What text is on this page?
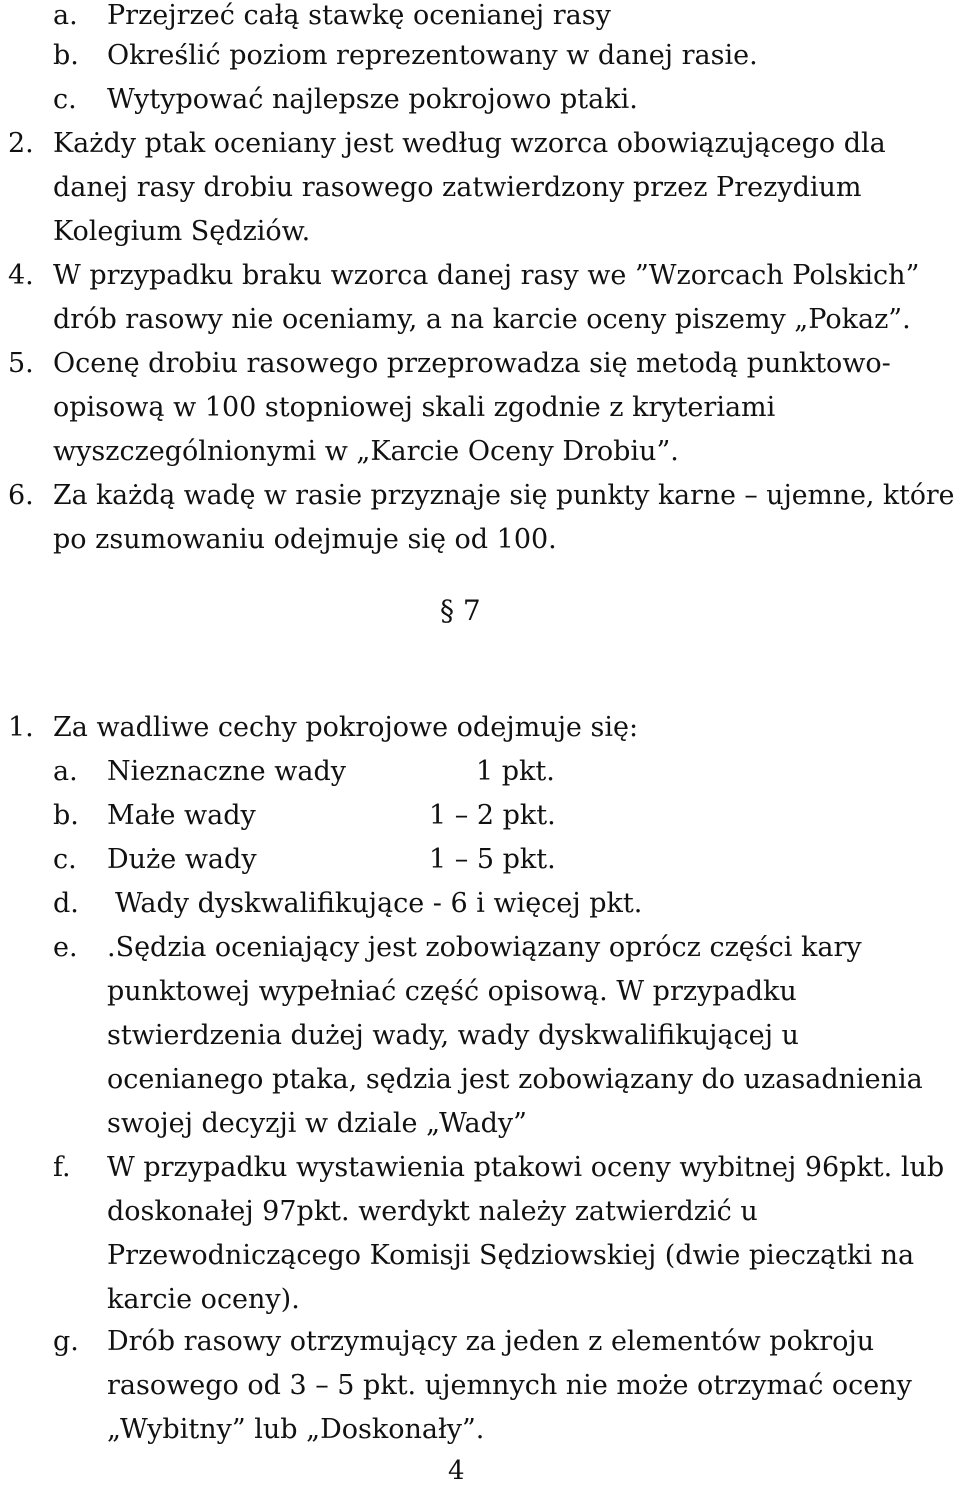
a. Przejrzeć całą stawkę ocenianej rasy
b. Określić poziom reprezentowany w danej rasie.
c. Wytypować najlepsze pokrojowo ptaki.
2. Każdy ptak oceniany jest według wzorca obowiązującego dla
danej rasy drobiu rasowego zatwierdzony przez Prezydium
Kolegium Sędziów.
4. W przypadku braku wzorca danej rasy we ”Wzorcach Polskich”
drób rasowy nie oceniamy, a na karcie oceny piszemy „Pokaz”.
5. Ocenę drobiu rasowego przeprowadza się metodą punktowo-
opisową w 100 stopniowej skali zgodnie z kryteriami
wyszczególnionymi w „Karcie Oceny Drobiu”.
6. Za każdą wadę w rasie przyznaje się punkty karne – ujemne, które
po zsumowaniu odejmuje się od 100.
§ 7
1. Za wadliwe cechy pokrojowe odejmuje się:
a. Nieznaczne wady	1 pkt.
b. Małe wady	1 – 2 pkt.
c. Duże wady	1 – 5 pkt.
d. Wady dyskwalifikujące - 6 i więcej pkt.
e. .Sędzia oceniający jest zobowiązany oprócz części kary
punktowej wypełniać część opisową. W przypadku
stwierdzenia dużej wady, wady dyskwalifikującej u
ocenianego ptaka, sędzia jest zobowiązany do uzasadnienia
swojej decyzji w dziale „Wady”
f. W przypadku wystawienia ptakowi oceny wybitnej 96pkt. lub
doskonałej 97pkt. werdykt należy zatwierdzić u
Przewodniczącego Komisji Sędziowskiej (dwie pieczątki na
karcie oceny).
g. Drób rasowy otrzymujący za jeden z elementów pokroju
rasowego od 3 – 5 pkt. ujemnych nie może otrzymać oceny
„Wybitny” lub „Doskonały”.
4
